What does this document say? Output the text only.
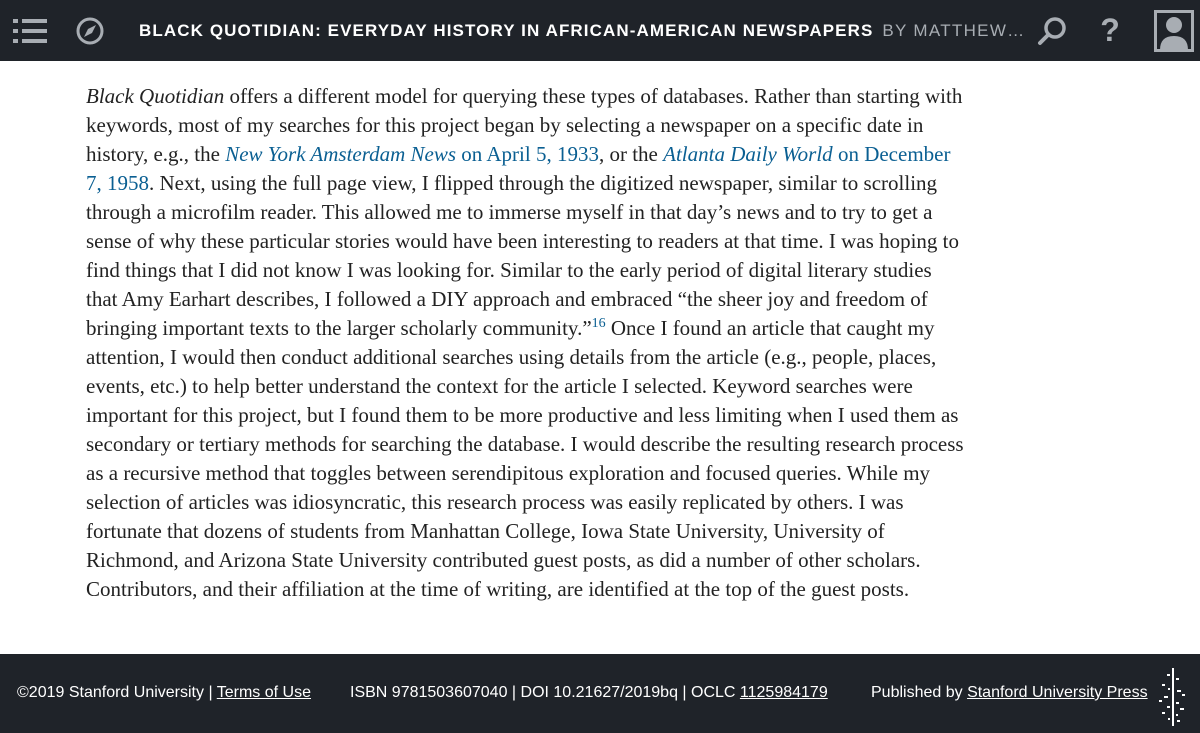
BLACK QUOTIDIAN: EVERYDAY HISTORY IN AFRICAN-AMERICAN NEWSPAPERS BY MATTHEW… ?

Black Quotidian offers a different model for querying these types of databases. Rather than starting with keywords, most of my searches for this project began by selecting a newspaper on a specific date in history, e.g., the New York Amsterdam News on April 5, 1933, or the Atlanta Daily World on December 7, 1958. Next, using the full page view, I flipped through the digitized newspaper, similar to scrolling through a microfilm reader. This allowed me to immerse myself in that day’s news and to try to get a sense of why these particular stories would have been interesting to readers at that time. I was hoping to find things that I did not know I was looking for. Similar to the early period of digital literary studies that Amy Earhart describes, I followed a DIY approach and embraced “the sheer joy and freedom of bringing important texts to the larger scholarly community.”$^{16}$ Once I found an article that caught my attention, I would then conduct additional searches using details from the article (e.g., people, places, events, etc.) to help better understand the context for the article I selected. Keyword searches were important for this project, but I found them to be more productive and less limiting when I used them as secondary or tertiary methods for searching the database. I would describe the resulting research process as a recursive method that toggles between serendipitous exploration and focused queries. While my selection of articles was idiosyncratic, this research process was easily replicated by others. I was fortunate that dozens of students from Manhattan College, Iowa State University, University of Richmond, and Arizona State University contributed guest posts, as did a number of other scholars. Contributors, and their affiliation at the time of writing, are identified at the top of the guest posts.

©2019 Stanford University | Terms of Use ISBN 9781503607040 | DOI 10.21627/2019bq | OCLC 1125984179	Published by Stanford University Press
